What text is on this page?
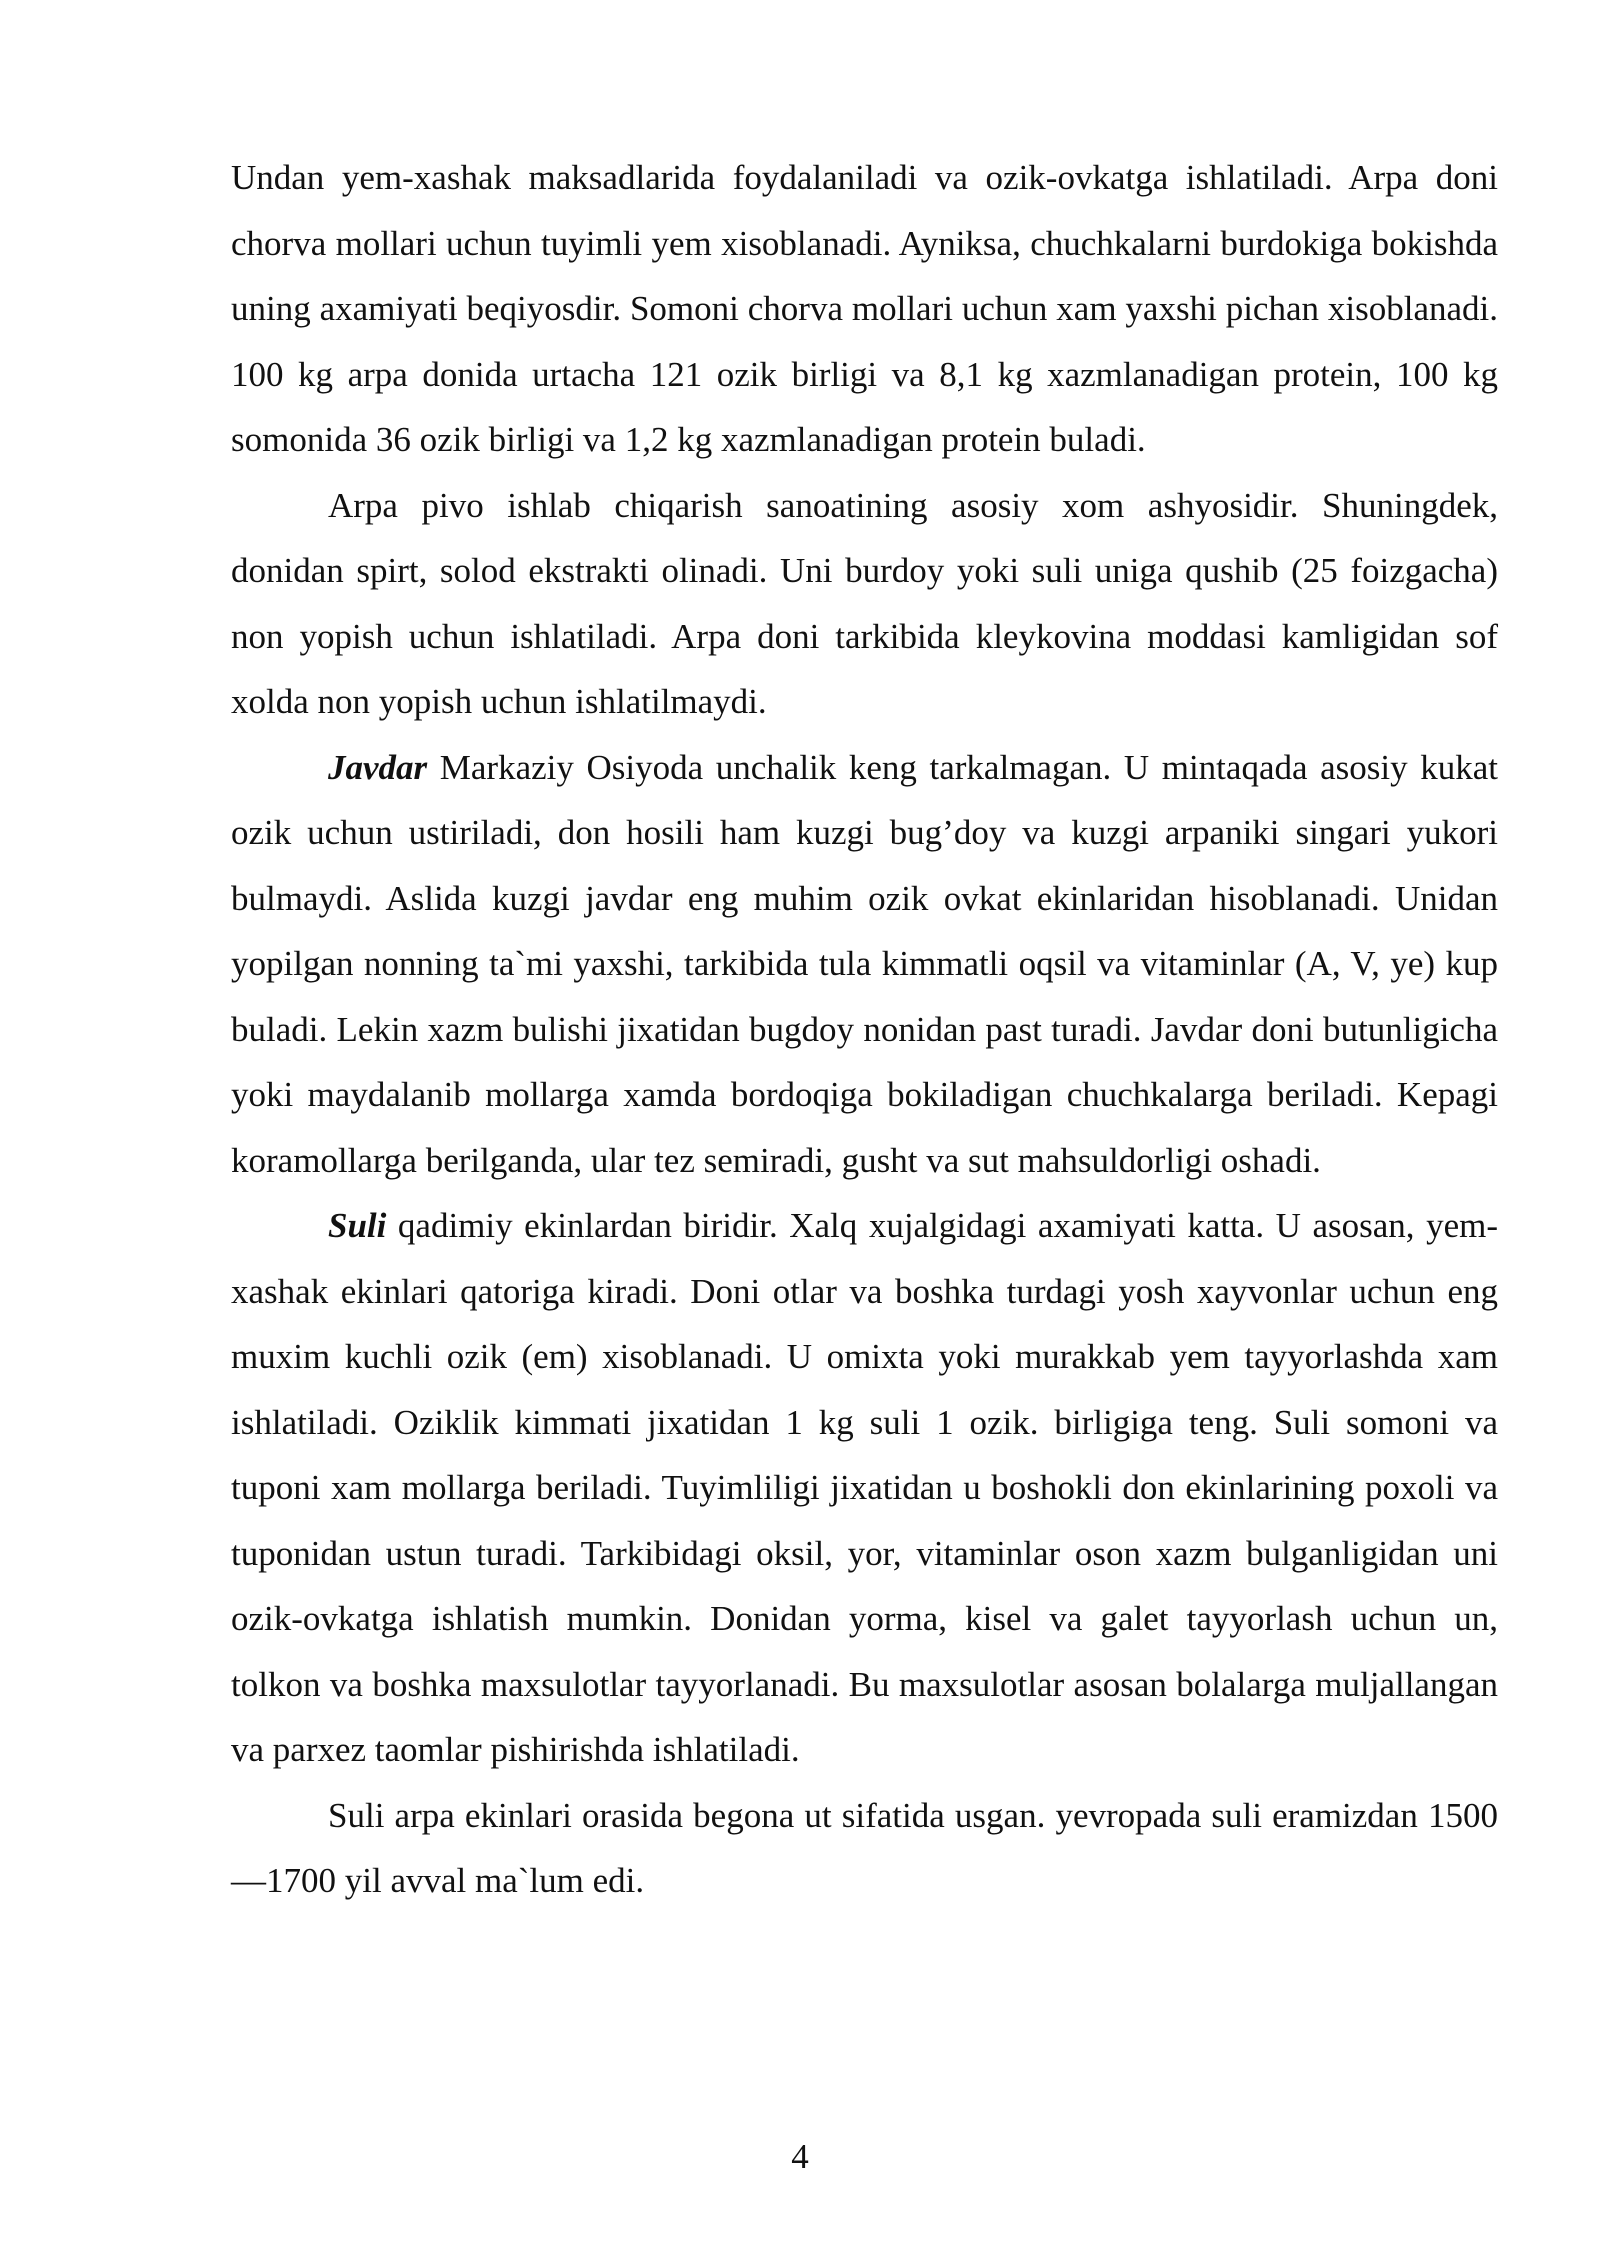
Undan yem-xashak maksadlarida foydalaniladi va ozik-ovkatga ishlatiladi. Arpa doni chorva mollari uchun tuyimli yem xisoblanadi. Ayniksa, chuchkalarni burdokiga bokishda uning axamiyati beqiyosdir. Somoni chorva mollari uchun xam yaxshi pichan xisoblanadi. 100 kg arpa donida urtacha 121 ozik birligi va 8,1 kg xazmlanadigan protein, 100 kg somonida 36 ozik birligi va 1,2 kg xazmlanadigan protein buladi.

Arpa pivo ishlab chiqarish sanoatining asosiy xom ashyosidir. Shuningdek, donidan spirt, solod ekstrakti olinadi. Uni burdoy yoki suli uniga qushib (25 foizgacha) non yopish uchun ishlatiladi. Arpa doni tarkibida kleykovina moddasi kamligidan sof xolda non yopish uchun ishlatilmaydi.

Javdar Markaziy Osiyoda unchalik keng tarkalmagan. U mintaqada asosiy kukat ozik uchun ustiriladi, don hosili ham kuzgi bug’doy va kuzgi arpaniki singari yukori bulmaydi. Aslida kuzgi javdar eng muhim ozik ovkat ekinlaridan hisoblanadi. Unidan yopilgan nonning ta`mi yaxshi, tarkibida tula kimmatli oqsil va vitaminlar (A, V, ye) kup buladi. Lekin xazm bulishi jixatidan bugdoy nonidan past turadi. Javdar doni butunligicha yoki maydalanib mollarga xamda bordoqiga bokiladigan chuchkalarga beriladi. Kepagi koramollarga berilganda, ular tez semiradi, gusht va sut mahsuldorligi oshadi.

Suli qadimiy ekinlardan biridir. Xalq xujalgidagi axamiyati katta. U asosan, yem-xashak ekinlari qatoriga kiradi. Doni otlar va boshka turdagi yosh xayvonlar uchun eng muxim kuchli ozik (em) xisoblanadi. U omixta yoki murakkab yem tayyorlashda xam ishlatiladi. Oziklik kimmati jixatidan 1 kg suli 1 ozik. birligiga teng. Suli somoni va tuponi xam mollarga beriladi. Tuyimliligi jixatidan u boshokli don ekinlarining poxoli va tuponidan ustun turadi. Tarkibidagi oksil, yor, vitaminlar oson xazm bulganligidan uni ozik-ovkatga ishlatish mumkin. Donidan yorma, kisel va galet tayyorlash uchun un, tolkon va boshka maxsulotlar tayyorlanadi. Bu maxsulotlar asosan bolalarga muljallangan va parxez taomlar pishirishda ishlatiladi.

Suli arpa ekinlari orasida begona ut sifatida usgan. yevropada suli eramizdan 1500—1700 yil avval ma`lum edi.

4
